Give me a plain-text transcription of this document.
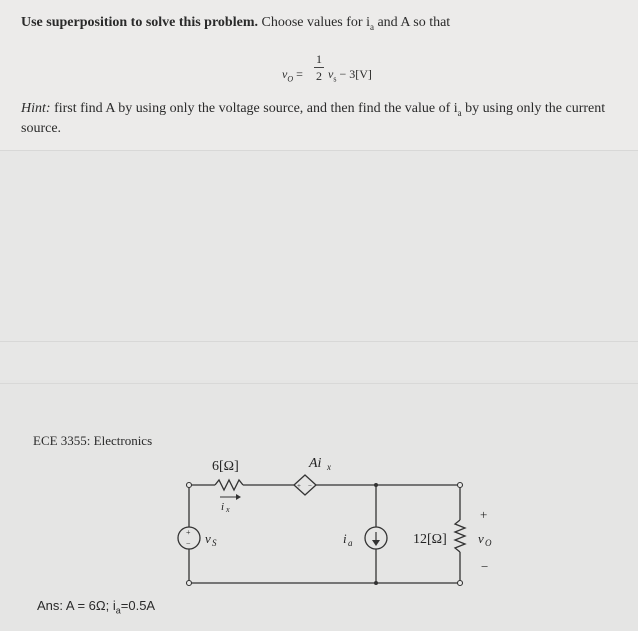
Use superposition to solve this problem. Choose values for $i_a$ and A so that
$v_O$ =
1
2 $v_s - 3[V]$
Hint: first find A by using only the voltage source, and then find the value of $i_a$ by using only the current source.
ECE 3355: Electronics
+
−
+ −
6[Ω]
i x
Ai x
v S	i a	12[Ω]
+
v O
−
Ans: A = 6Ω; $i_a=0.5A$
